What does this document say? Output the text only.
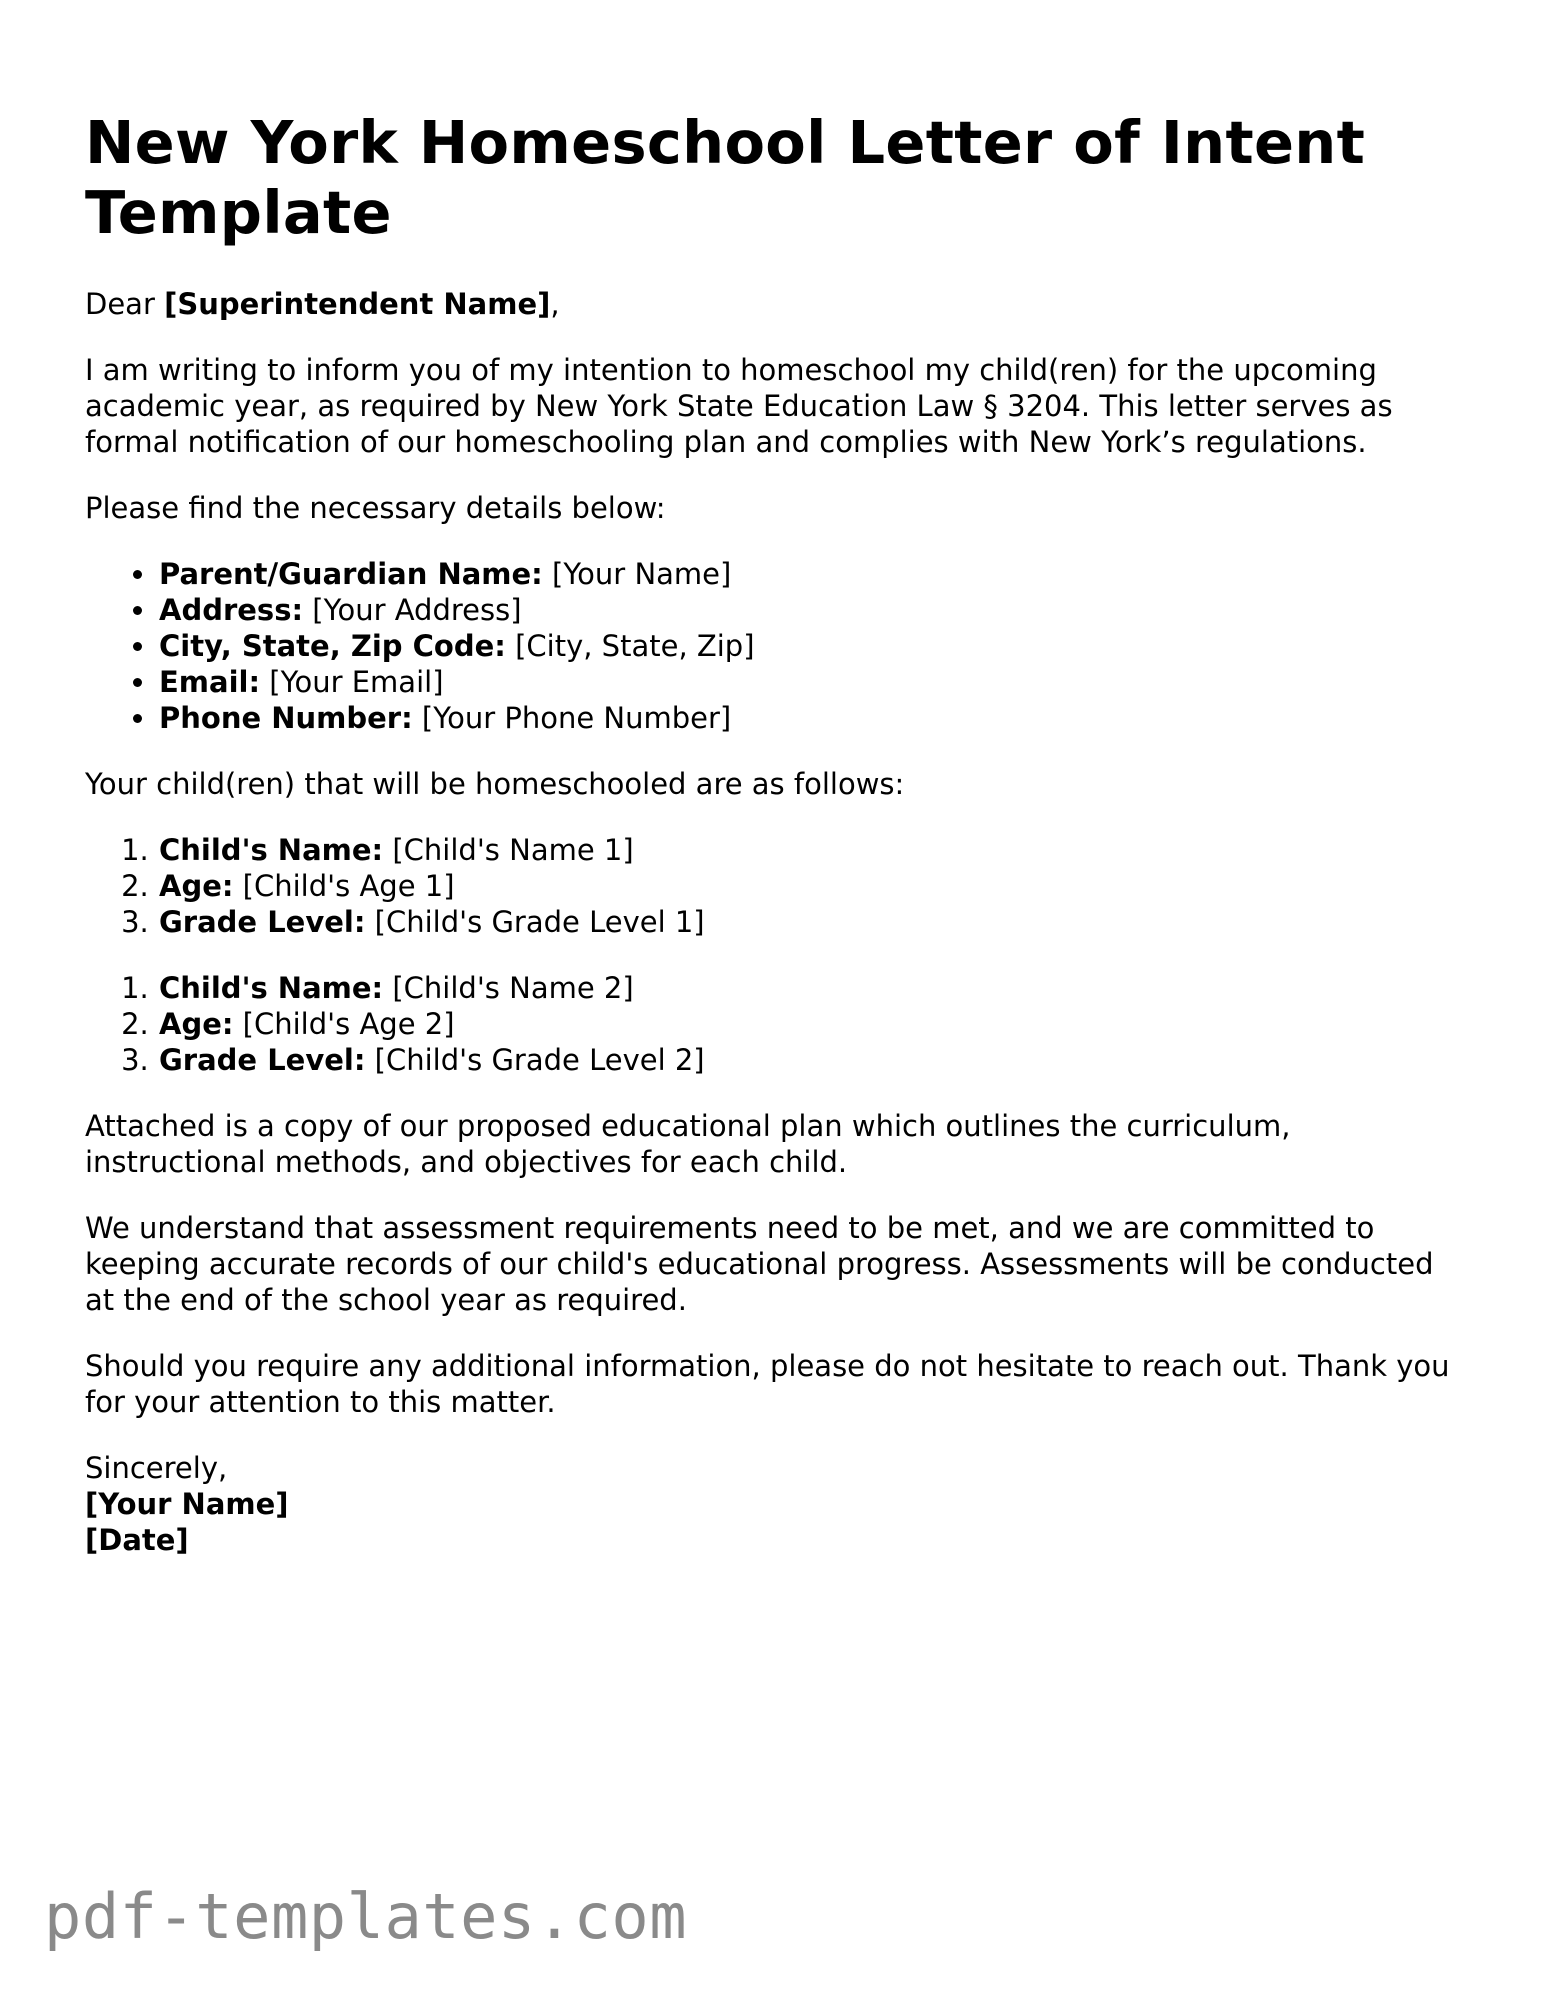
New York Homeschool Letter of Intent Template

Dear [Superintendent Name],

I am writing to inform you of my intention to homeschool my child(ren) for the upcoming academic year, as required by New York State Education Law § 3204. This letter serves as formal notification of our homeschooling plan and complies with New York’s regulations.

Please find the necessary details below:

• Parent/Guardian Name: [Your Name]
• Address: [Your Address]
• City, State, Zip Code: [City, State, Zip]
• Email: [Your Email]
• Phone Number: [Your Phone Number]

Your child(ren) that will be homeschooled are as follows:

1. Child's Name: [Child's Name 1]
2. Age: [Child's Age 1]
3. Grade Level: [Child's Grade Level 1]
1. Child's Name: [Child's Name 2]
2. Age: [Child's Age 2]
3. Grade Level: [Child's Grade Level 2]

Attached is a copy of our proposed educational plan which outlines the curriculum, instructional methods, and objectives for each child.

We understand that assessment requirements need to be met, and we are committed to keeping accurate records of our child's educational progress. Assessments will be conducted at the end of the school year as required.

Should you require any additional information, please do not hesitate to reach out. Thank you for your attention to this matter.

Sincerely,
[Your Name]
[Date]

pdf-templates.com
